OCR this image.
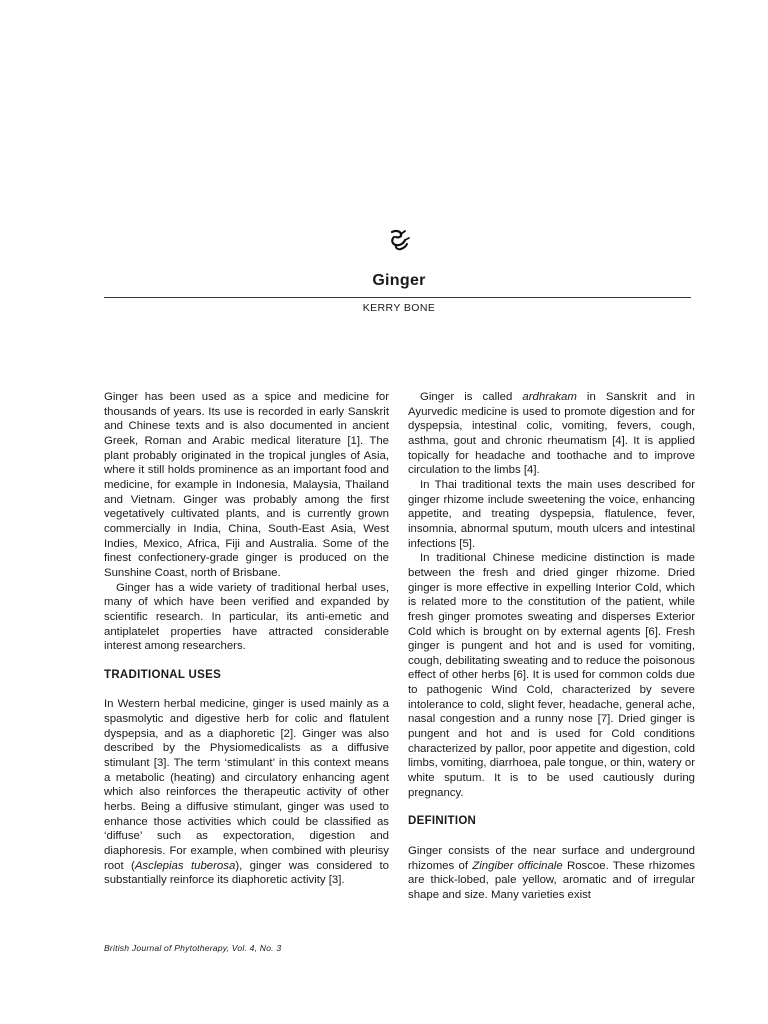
Ginger
KERRY BONE

Ginger has been used as a spice and medicine for thousands of years. Its use is recorded in early Sanskrit and Chinese texts and is also documented in ancient Greek, Roman and Arabic medical literature [1]. The plant probably originated in the tropical jungles of Asia, where it still holds prominence as an important food and medicine, for example in Indonesia, Malaysia, Thailand and Vietnam. Ginger was probably among the first vegetatively cultivated plants, and is currently grown commercially in India, China, South-East Asia, West Indies, Mexico, Africa, Fiji and Australia. Some of the finest confectionery-grade ginger is produced on the Sunshine Coast, north of Brisbane.

Ginger has a wide variety of traditional herbal uses, many of which have been verified and expanded by scientific research. In particular, its anti-emetic and antiplatelet properties have attracted considerable interest among researchers.

TRADITIONAL USES

In Western herbal medicine, ginger is used mainly as a spasmolytic and digestive herb for colic and flatulent dyspepsia, and as a diaphoretic [2]. Ginger was also described by the Physiomedicalists as a diffusive stimulant [3]. The term ‘stimulant’ in this context means a metabolic (heating) and circulatory enhancing agent which also reinforces the therapeutic activity of other herbs. Being a diffusive stimulant, ginger was used to enhance those activities which could be classified as ‘diffuse’ such as expectoration, digestion and diaphoresis. For example, when combined with pleurisy root (Asclepias tuberosa), ginger was considered to substantially reinforce its diaphoretic activity [3].

Ginger is called ardhrakam in Sanskrit and in Ayurvedic medicine is used to promote digestion and for dyspepsia, intestinal colic, vomiting, fevers, cough, asthma, gout and chronic rheumatism [4]. It is applied topically for headache and toothache and to improve circulation to the limbs [4].

In Thai traditional texts the main uses described for ginger rhizome include sweetening the voice, enhancing appetite, and treating dyspepsia, flatulence, fever, insomnia, abnormal sputum, mouth ulcers and intestinal infections [5].

In traditional Chinese medicine distinction is made between the fresh and dried ginger rhizome. Dried ginger is more effective in expelling Interior Cold, which is related more to the constitution of the patient, while fresh ginger promotes sweating and disperses Exterior Cold which is brought on by external agents [6]. Fresh ginger is pungent and hot and is used for vomiting, cough, debilitating sweating and to reduce the poisonous effect of other herbs [6]. It is used for common colds due to pathogenic Wind Cold, characterized by severe intolerance to cold, slight fever, headache, general ache, nasal congestion and a runny nose [7]. Dried ginger is pungent and hot and is used for Cold conditions characterized by pallor, poor appetite and digestion, cold limbs, vomiting, diarrhoea, pale tongue, or thin, watery or white sputum. It is to be used cautiously during pregnancy.

DEFINITION

Ginger consists of the near surface and underground rhizomes of Zingiber officinale Roscoe. These rhizomes are thick-lobed, pale yellow, aromatic and of irregular shape and size. Many varieties exist

British Journal of Phytotherapy, Vol. 4, No. 3
